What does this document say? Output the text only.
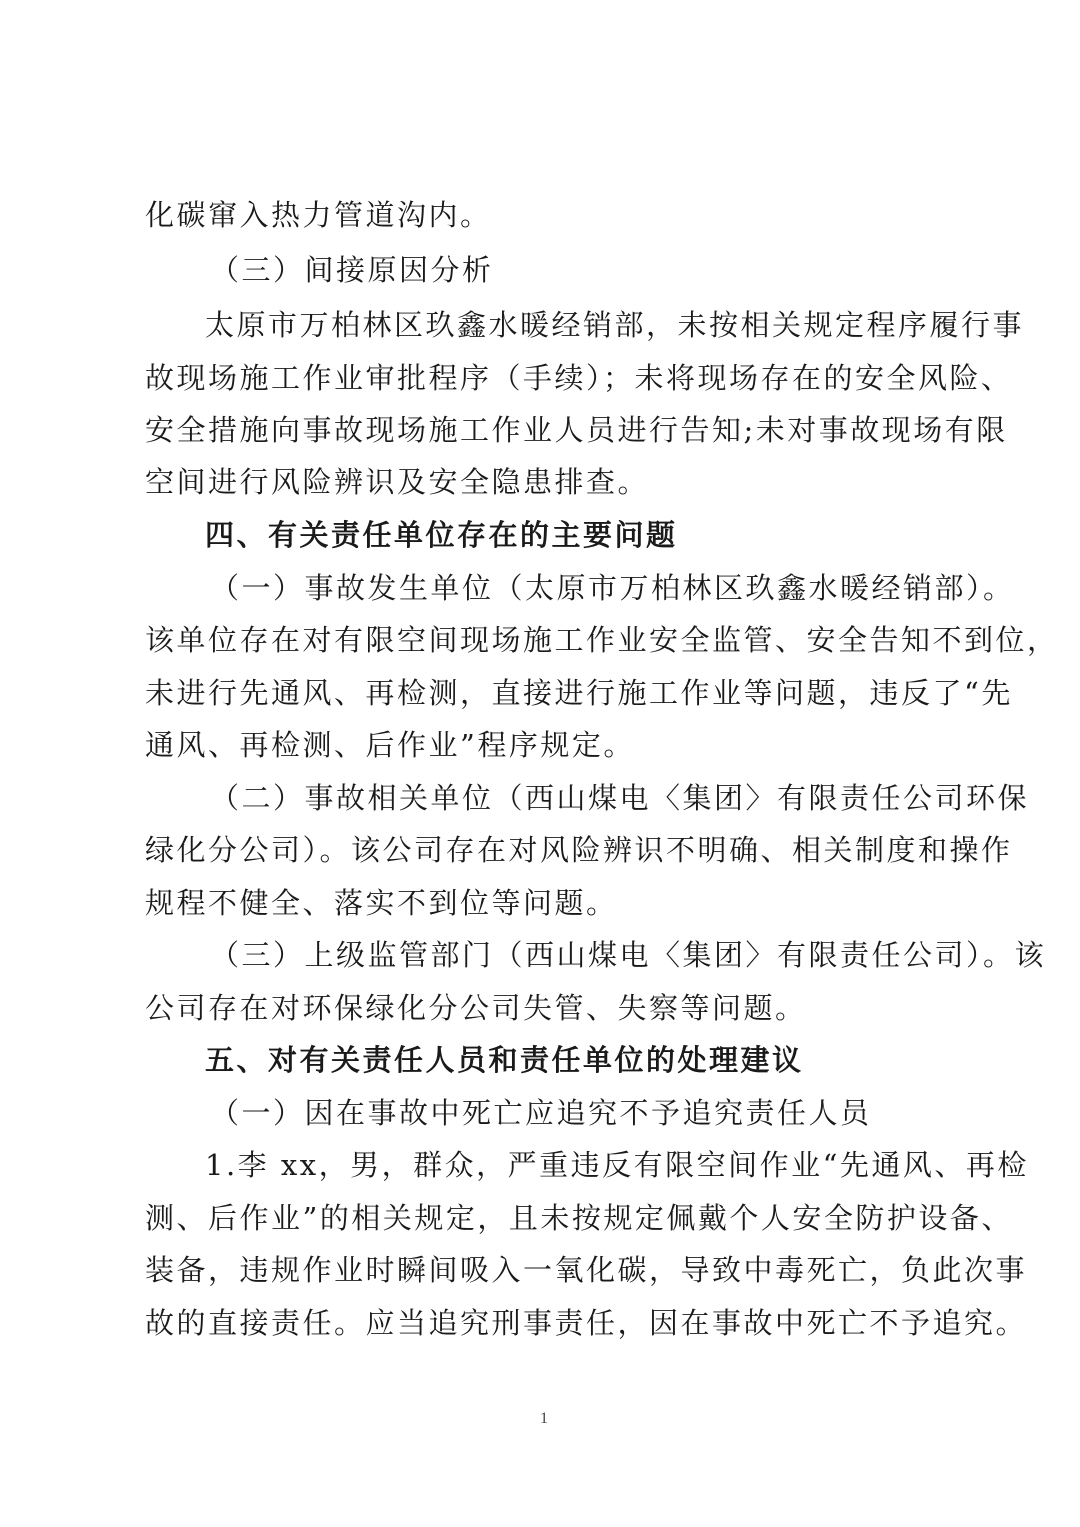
化碳窜入热力管道沟内。
（三）间接原因分析
太原市万柏林区玖鑫水暖经销部，未按相关规定程序履行事
故现场施工作业审批程序（手续）；未将现场存在的安全风险、
安全措施向事故现场施工作业人员进行告知;未对事故现场有限
空间进行风险辨识及安全隐患排查。
四、有关责任单位存在的主要问题
（一）事故发生单位（太原市万柏林区玖鑫水暖经销部）。
该单位存在对有限空间现场施工作业安全监管、安全告知不到位，
未进行先通风、再检测，直接进行施工作业等问题，违反了“先
通风、再检测、后作业”程序规定。
（二）事故相关单位（西山煤电〈集团〉有限责任公司环保
绿化分公司）。该公司存在对风险辨识不明确、相关制度和操作
规程不健全、落实不到位等问题。
（三）上级监管部门（西山煤电〈集团〉有限责任公司）。该
公司存在对环保绿化分公司失管、失察等问题。
五、对有关责任人员和责任单位的处理建议
（一）因在事故中死亡应追究不予追究责任人员
1.李 xx，男，群众，严重违反有限空间作业“先通风、再检
测、后作业”的相关规定，且未按规定佩戴个人安全防护设备、
装备，违规作业时瞬间吸入一氧化碳，导致中毒死亡，负此次事
故的直接责任。应当追究刑事责任，因在事故中死亡不予追究。
1
